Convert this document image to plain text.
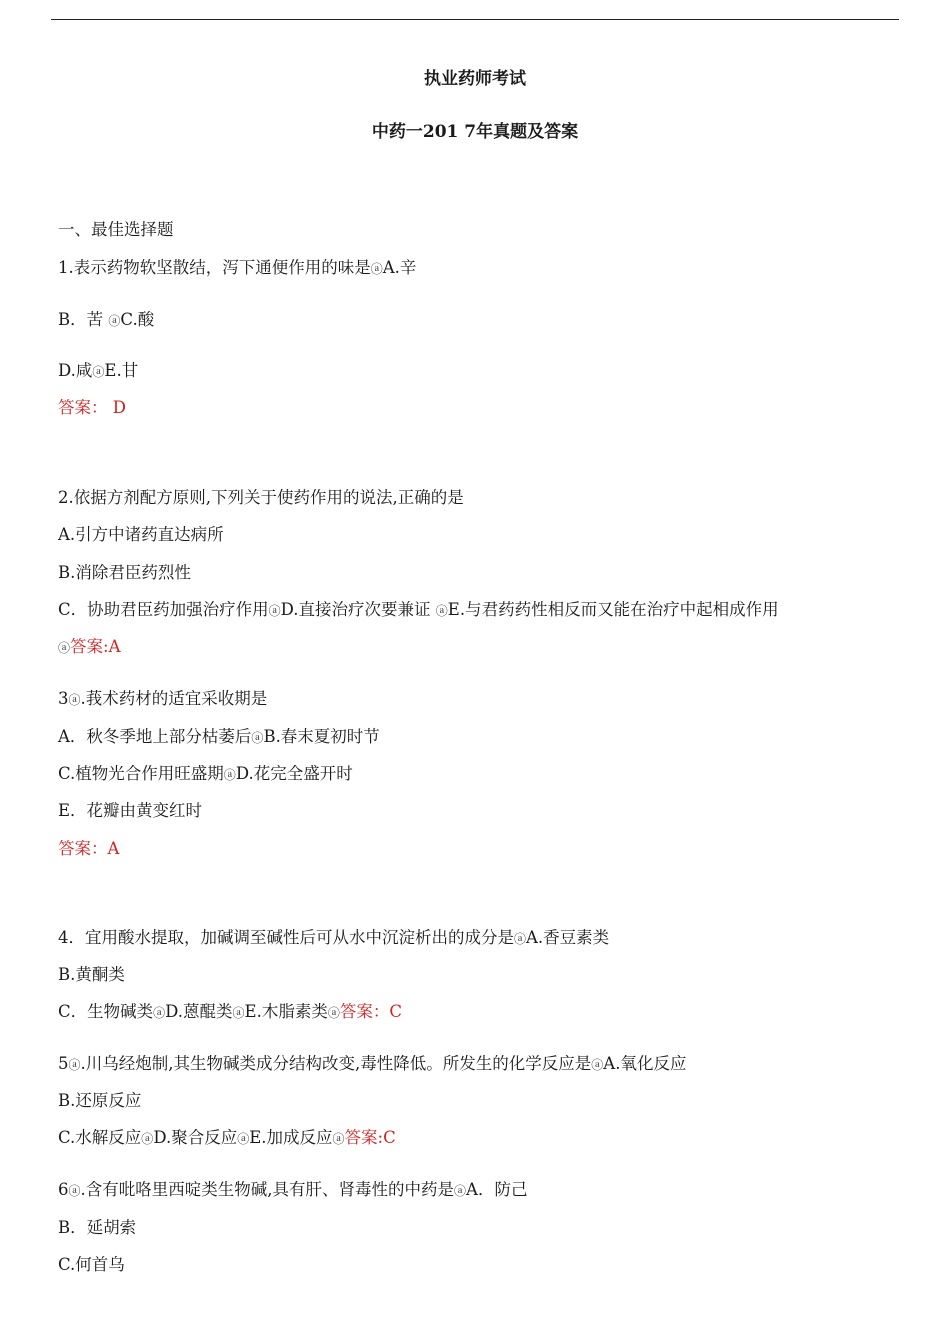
执业药师考试
中药一201 7年真题及答案
一、最佳选择题
1.表示药物软坚散结，泻下通便作用的味是ⓐA.辛
B．苦 ⓐC.酸
D.咸ⓐE.甘
答案： D
2.依据方剂配方原则,下列关于使药作用的说法,正确的是
A.引方中诸药直达病所
B.消除君臣药烈性
C．协助君臣药加强治疗作用ⓐD.直接治疗次要兼证 ⓐE.与君药药性相反而又能在治疗中起相成作用
ⓐ答案:A
3ⓐ.莪术药材的适宜采收期是
A．秋冬季地上部分枯萎后ⓐB.春末夏初时节
C.植物光合作用旺盛期ⓐD.花完全盛开时
E．花瓣由黄变红时
答案：A
4．宜用酸水提取，加碱调至碱性后可从水中沉淀析出的成分是ⓐA.香豆素类
B.黄酮类
C．生物碱类ⓐD.蒽醌类ⓐE.木脂素类ⓐ答案：C
5ⓐ.川乌经炮制,其生物碱类成分结构改变,毒性降低。所发生的化学反应是ⓐA.氧化反应
B.还原反应
C.水解反应ⓐD.聚合反应ⓐE.加成反应ⓐ答案:C
6ⓐ.含有吡咯里西啶类生物碱,具有肝、肾毒性的中药是ⓐA．防己
B．延胡索
C.何首乌
